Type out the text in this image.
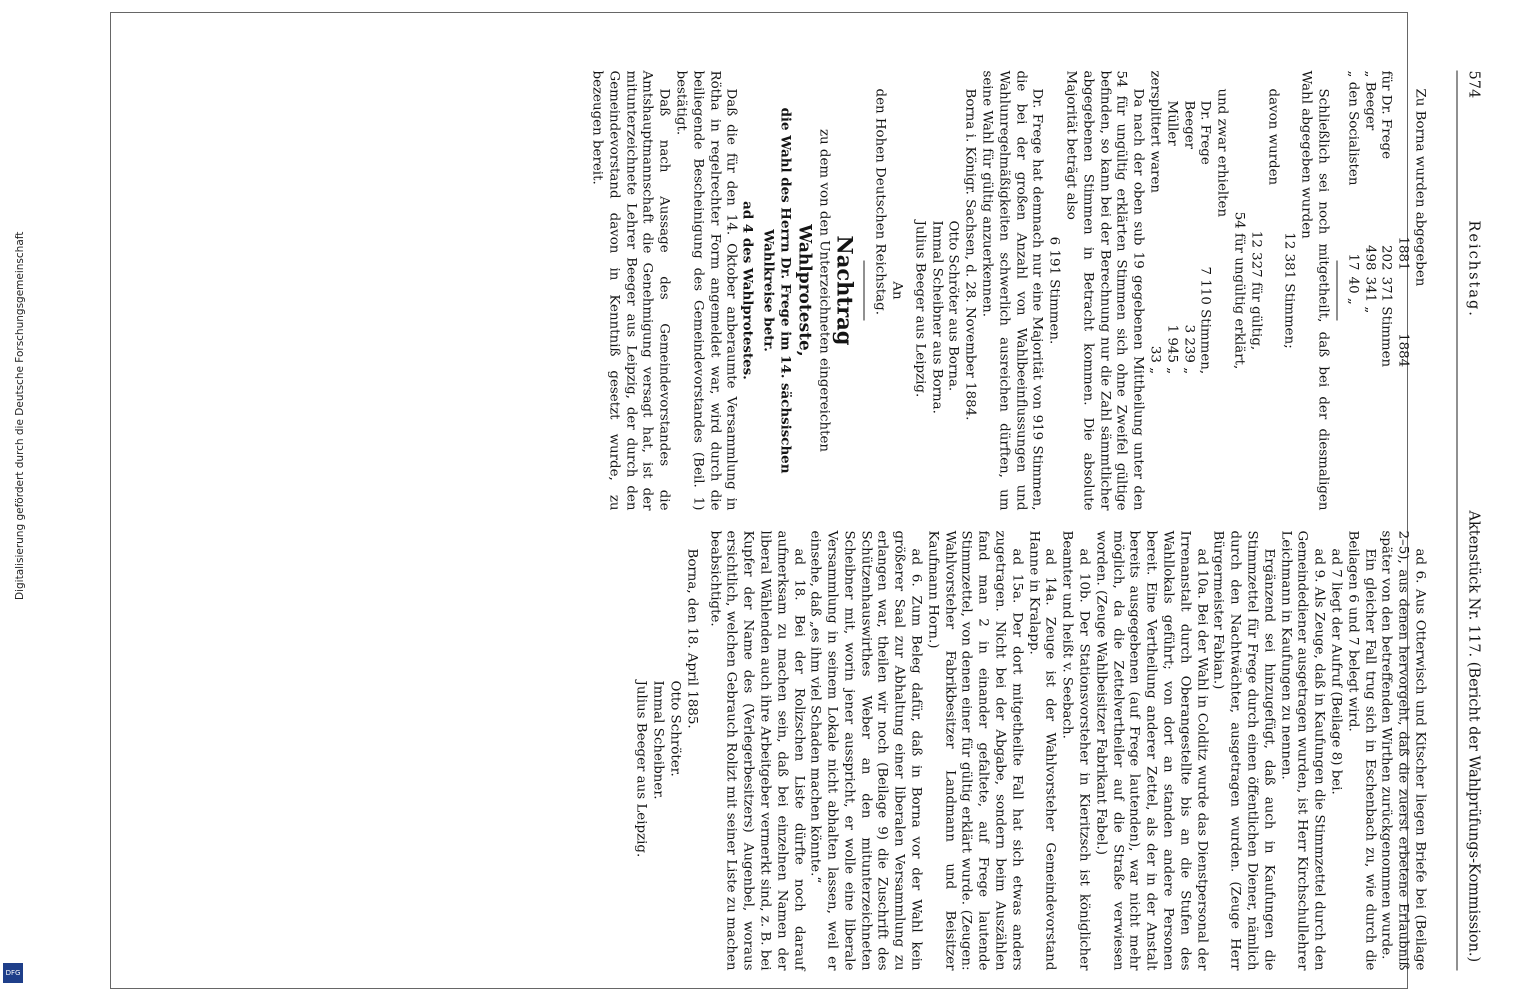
574
Reichstag.
Aktenstück Nr. 117. (Bericht der Wahlprüfungs-Kommission.)

Zu Borna wurden abgegeben

	1881	1884
für Dr. Frege	202	371 Stimmen
„ Beeger	498	341 „
„ den Socialisten	17	40 „

Schließlich sei noch mitgetheilt, daß bei der diesmaligen Wahl abgegeben wurden

12 381 Stimmen;

davon wurden

12 327 für gültig,

54 für ungültig erklärt,

und zwar erhielten

Dr. Frege	7 110 Stimmen,
Beeger	3 239 „
Müller	1 945 „
zersplittert waren	33 „

Da nach der oben sub 19 gegebenen Mittheilung unter den 54 für ungültig erklärten Stimmen sich ohne Zweifel gültige befinden, so kann bei der Berechnung nur die Zahl sämmtlicher abgegebenen Stimmen in Betracht kommen. Die absolute Majorität beträgt also

6 191 Stimmen.

Dr. Frege hat demnach nur eine Majorität von 919 Stimmen, die bei der großen Anzahl von Wahlbeeinflussungen und Wahlunregelmäßigkeiten schwerlich ausreichen dürften, um seine Wahl für gültig anzuerkennen.

Borna i. Königr. Sachsen, d. 28. November 1884.

Otto Schröter aus Borna.

Immal Scheibner aus Borna.

Julius Beeger aus Leipzig.

An

den Hohen Deutschen Reichstag.

Nachtrag

zu dem von den Unterzeichneten eingereichten

Wahlproteste,

die Wahl des Herrn Dr. Frege im 14. sächsischen Wahlkreise betr.

ad 4 des Wahlprotestes.

Daß die für den 14. Oktober anberaumte Versammlung in Rötha in regelrechter Form angemeldet war, wird durch die beiliegende Bescheinigung des Gemeindevorstandes (Beil. 1) bestätigt.

Daß nach Aussage des Gemeindevorstandes die Amtshauptmannschaft die Genehmigung versagt hat, ist der mitunterzeichnete Lehrer Beeger aus Leipzig, der durch den Gemeindevorstand davon in Kenntniß gesetzt wurde, zu bezeugen bereit.

ad 6. Aus Otterwisch und Kitscher liegen Briefe bei (Beilage 2–5), aus denen hervorgeht, daß die zuerst erbetene Erlaubniß später von den betreffenden Wirthen zurückgenommen wurde.

Ein gleicher Fall trug sich in Eschenbach zu, wie durch die Beilagen 6 und 7 belegt wird.

ad 7 liegt der Aufruf (Beilage 8) bei.

ad 9. Als Zeuge, daß in Kaufungen die Stimmzettel durch den Gemeindediener ausgetragen wurden, ist Herr Kirchschullehrer Leichmann in Kaufungen zu nennen.

Ergänzend sei hinzugefügt, daß auch in Kaufungen die Stimmzettel für Frege durch einen öffentlichen Diener, nämlich durch den Nachtwächter, ausgetragen wurden. (Zeuge Herr Bürgermeister Fabian.)

ad 10a. Bei der Wahl in Colditz wurde das Dienstpersonal der Irrenanstalt durch Oberangestellte bis an die Stufen des Wahllokals geführt; von dort an standen andere Personen bereit. Eine Vertheilung anderer Zettel, als der in der Anstalt bereits ausgegebenen (auf Frege lautenden), war nicht mehr möglich, da die Zettelvertheiler auf die Straße verwiesen worden. (Zeuge Wahlbeisitzer Fabrikant Fabel.)

ad 10b. Der Stationsvorsteher in Kieritzsch ist königlicher Beamter und heißt v. Seebach.

ad 14a. Zeuge ist der Wahlvorsteher Gemeindevorstand Hanne in Kralapp.

ad 15a. Der dort mitgetheilte Fall hat sich etwas anders zugetragen. Nicht bei der Abgabe, sondern beim Auszählen fand man 2 in einander gefaltete, auf Frege lautende Stimmzettel, von denen einer für gültig erklärt wurde. (Zeugen: Wahlvorsteher Fabrikbesitzer Landmann und Beisitzer Kaufmann Horn.)

ad 6. Zum Beleg dafür, daß in Borna vor der Wahl kein größerer Saal zur Abhaltung einer liberalen Versammlung zu erlangen war, theilen wir noch (Beilage 9) die Zuschrift des Schützenhauswirthes Weber an den mitunterzeichneten Scheibner mit, worin jener ausspricht, er wolle eine liberale Versammlung in seinem Lokale nicht abhalten lassen, weil er einsehe, daß „es ihm viel Schaden machen könnte.“

ad 18. Bei der Rolizschen Liste dürfte noch darauf aufmerksam zu machen sein, daß bei einzelnen Namen der liberal Wählenden auch ihre Arbeitgeber vermerkt sind, z. B. bei Kupfer der Name des (Verlegerbesitzers) Augenbel, woraus ersichtlich, welchen Gebrauch Rolizt mit seiner Liste zu machen beabsichtigte.

Borna, den 18. April 1885.

Otto Schröter.

Immal Scheibner.

Julius Beeger aus Leipzig.

Digitalisierung gefördert durch die Deutsche Forschungsgemeinschaft
DFG
